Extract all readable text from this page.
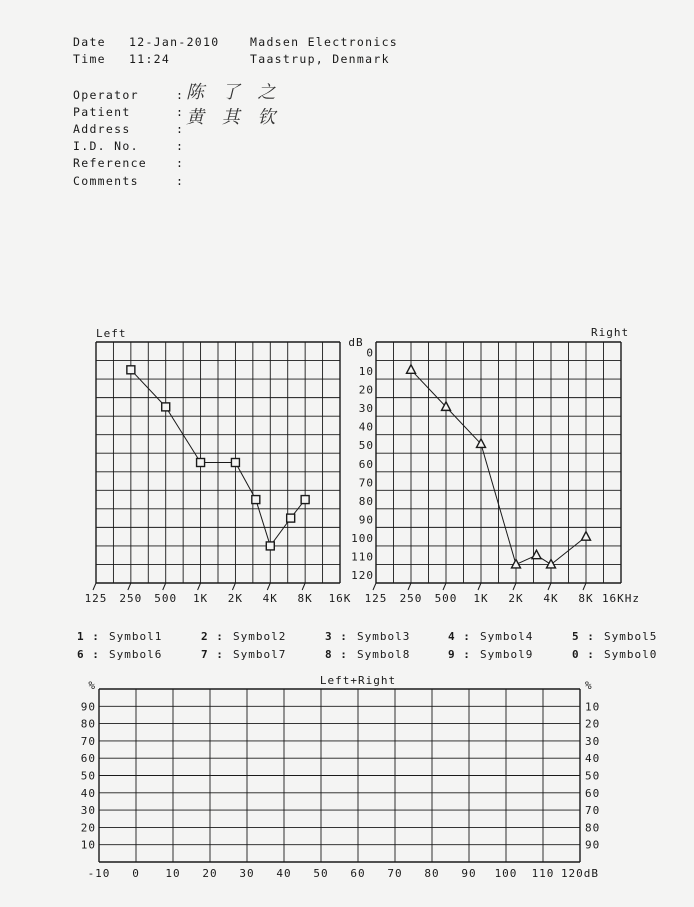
Date 12-Jan-2010
Time 11:24
Madsen Electronics
Taastrup, Denmark
Operator	: 陈 了 之
Patient	: 黄 其 钦
Address	:
I.D. No.	:
Reference	:
Comments	:
Left
125 250 500 1K 2K 4K 8K 16K
Right
125 250 500 1K 2K 4K 8K 16KHz
dB
0
10
20
30
40
50
60
70
80
90
100
110
120
Left+Right
-10 0 10 20 30 40 50 60 70 80 90 100 110 120dB
%
90
80
70
60
50
40
30
20
10
%
10
20
30
40
50
60
70
80
90
1 : Symbol1	2 : Symbol2	3 : Symbol3	4 : Symbol4	5 : Symbol5
6 : Symbol6	7 : Symbol7	8 : Symbol8	9 : Symbol9	0 : Symbol0
